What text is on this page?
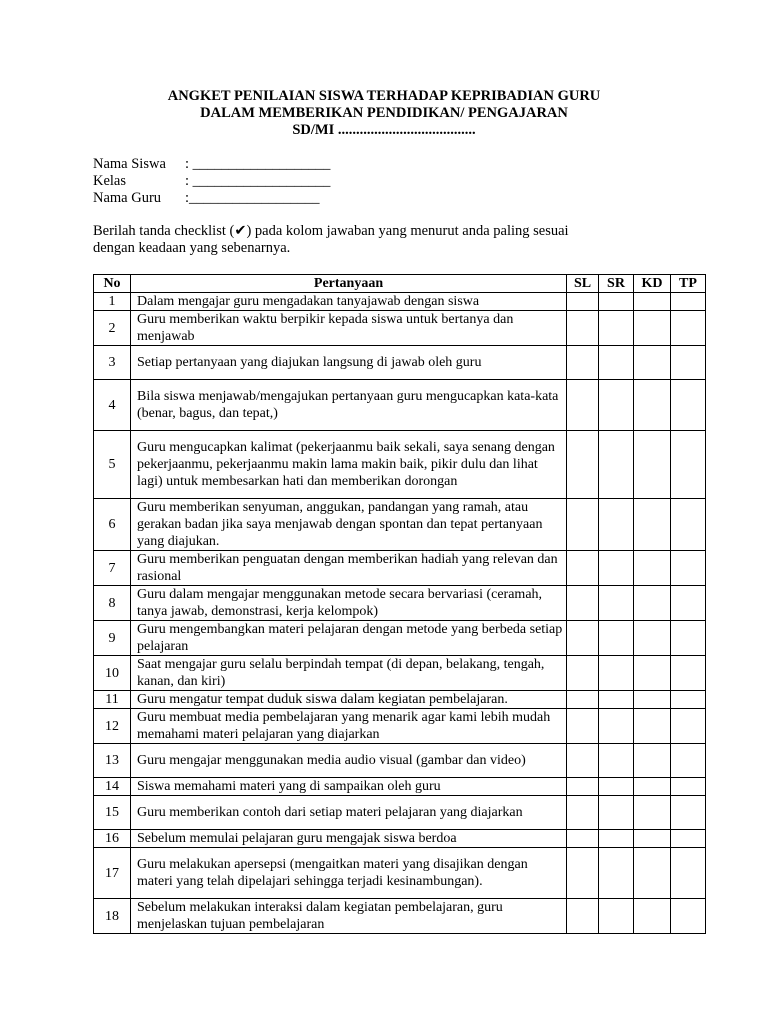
ANGKET PENILAIAN SISWA TERHADAP KEPRIBADIAN GURU
DALAM MEMBERIKAN PENDIDIKAN/ PENGAJARAN
SD/MI ......................................
Nama Siswa : ___________________
Kelas	: ___________________
Nama Guru :__________________
Berilah tanda checklist (✔) pada kolom jawaban yang menurut anda paling sesuai dengan keadaan yang sebenarnya.
No	Pertanyaan	SL	SR	KD	TP
1	Dalam mengajar guru mengadakan tanyajawab dengan siswa				
2	Guru memberikan waktu berpikir kepada siswa untuk bertanya dan menjawab				
3	Setiap pertanyaan yang diajukan langsung di jawab oleh guru				
4	Bila siswa menjawab/mengajukan pertanyaan guru mengucapkan kata-kata (benar, bagus, dan tepat,)				
5	Guru mengucapkan kalimat (pekerjaanmu baik sekali, saya senang dengan pekerjaanmu, pekerjaanmu makin lama makin baik, pikir dulu dan lihat lagi) untuk membesarkan hati dan memberikan dorongan				
6	Guru memberikan senyuman, anggukan, pandangan yang ramah, atau gerakan badan jika saya menjawab dengan spontan dan tepat pertanyaan yang diajukan.				
7	Guru memberikan penguatan dengan memberikan hadiah yang relevan dan rasional				
8	Guru dalam mengajar menggunakan metode secara bervariasi (ceramah, tanya jawab, demonstrasi, kerja kelompok)				
9	Guru mengembangkan materi pelajaran dengan metode yang berbeda setiap pelajaran				
10	Saat mengajar guru selalu berpindah tempat (di depan, belakang, tengah, kanan, dan kiri)				
11	Guru mengatur tempat duduk siswa dalam kegiatan pembelajaran.				
12	Guru membuat media pembelajaran yang menarik agar kami lebih mudah memahami materi pelajaran yang diajarkan				
13	Guru mengajar menggunakan media audio visual (gambar dan video)				
14	Siswa memahami materi yang di sampaikan oleh guru				
15	Guru memberikan contoh dari setiap materi pelajaran yang diajarkan				
16	Sebelum memulai pelajaran guru mengajak siswa berdoa				
17	Guru melakukan apersepsi (mengaitkan materi yang disajikan dengan materi yang telah dipelajari sehingga terjadi kesinambungan).				
18	Sebelum melakukan interaksi dalam kegiatan pembelajaran, guru menjelaskan tujuan pembelajaran				
